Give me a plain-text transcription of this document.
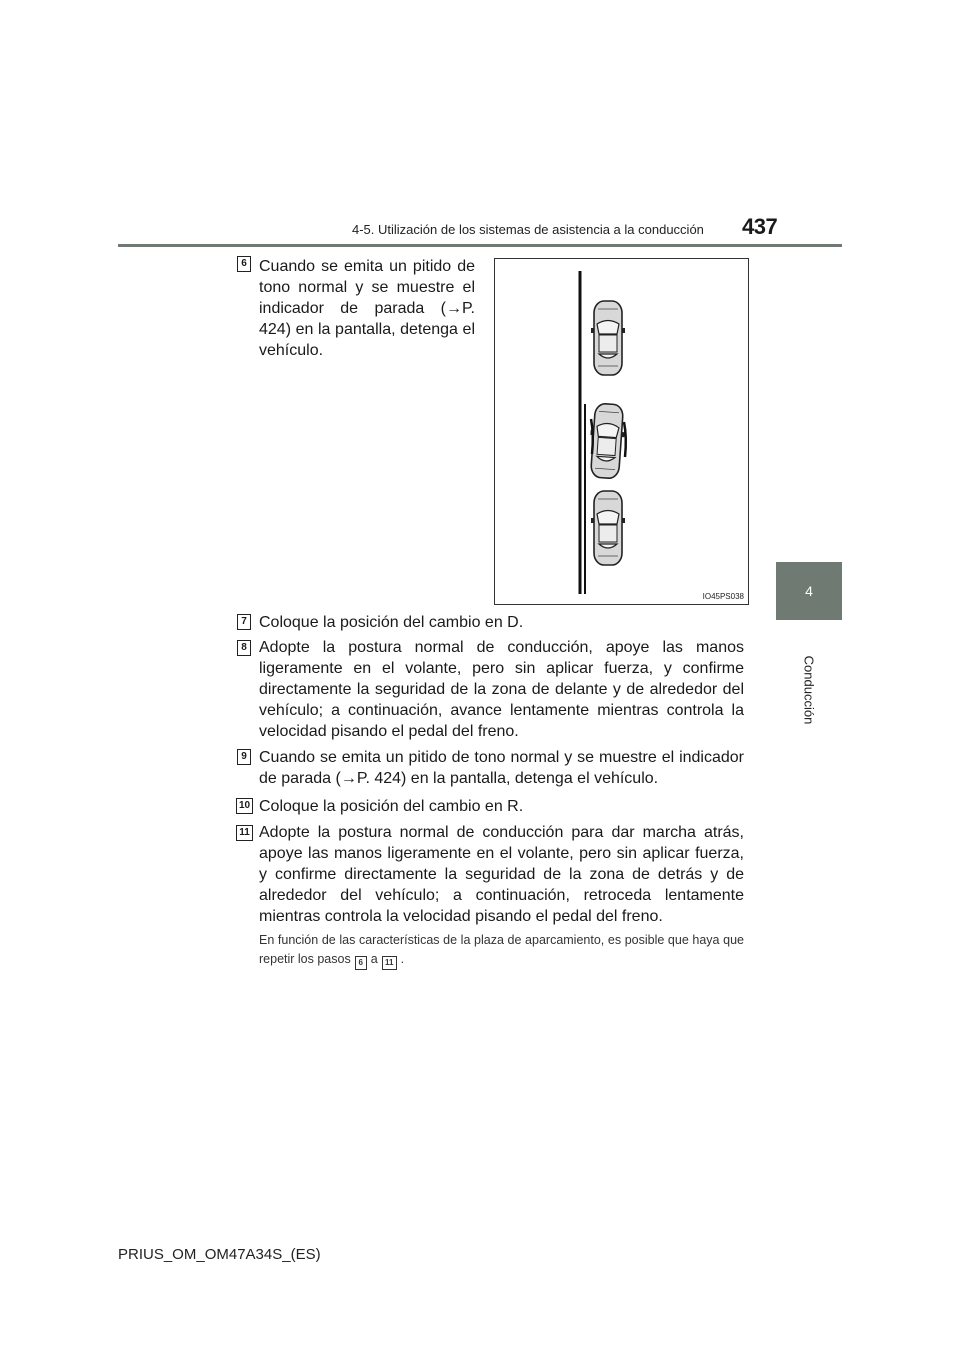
4-5. Utilización de los sistemas de asistencia a la conducción 437
4
Conducción
6 Cuando se emita un pitido de tono normal y se muestre el indicador de parada (→P. 424) en la pantalla, detenga el vehículo.

IO45PS038
7 Coloque la posición del cambio en D.

8 Adopte la postura normal de conducción, apoye las manos ligeramente en el volante, pero sin aplicar fuerza, y confirme directamente la seguridad de la zona de delante y de alrededor del vehículo; a continuación, avance lentamente mientras controla la velocidad pisando el pedal del freno.

9 Cuando se emita un pitido de tono normal y se muestre el indicador de parada (→P. 424) en la pantalla, detenga el vehículo.

10 Coloque la posición del cambio en R.

11 Adopte la postura normal de conducción para dar marcha atrás, apoye las manos ligeramente en el volante, pero sin aplicar fuerza, y confirme directamente la seguridad de la zona de detrás y de alrededor del vehículo; a continuación, retroceda lentamente mientras controla la velocidad pisando el pedal del freno.

En función de las características de la plaza de aparcamiento, es posible que haya que repetir los pasos 6 a 11 .

PRIUS_OM_OM47A34S_(ES)
